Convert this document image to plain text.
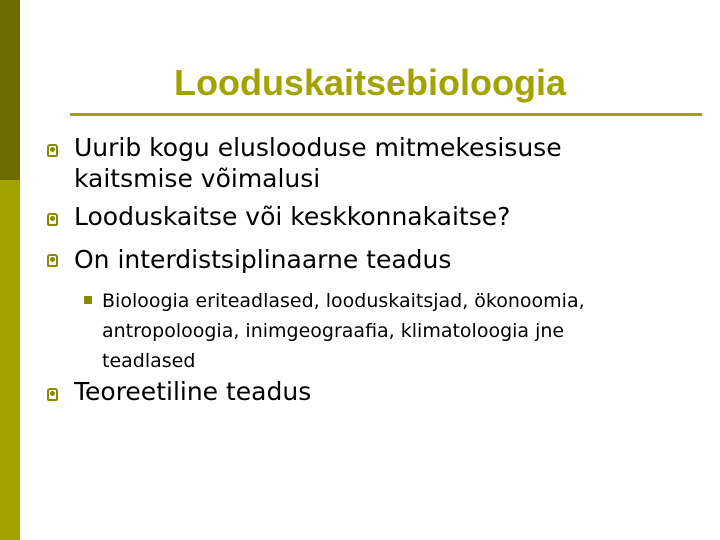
Looduskaitsebioloogia
Uurib kogu eluslooduse mitmekesisuse kaitsmise võimalusi
Looduskaitse või keskkonnakaitse?
On interdistsiplinaarne teadus
Bioloogia eriteadlased, looduskaitsjad, ökonoomia, antropoloogia, inimgeograafia, klimatoloogia jne teadlased
Teoreetiline teadus
